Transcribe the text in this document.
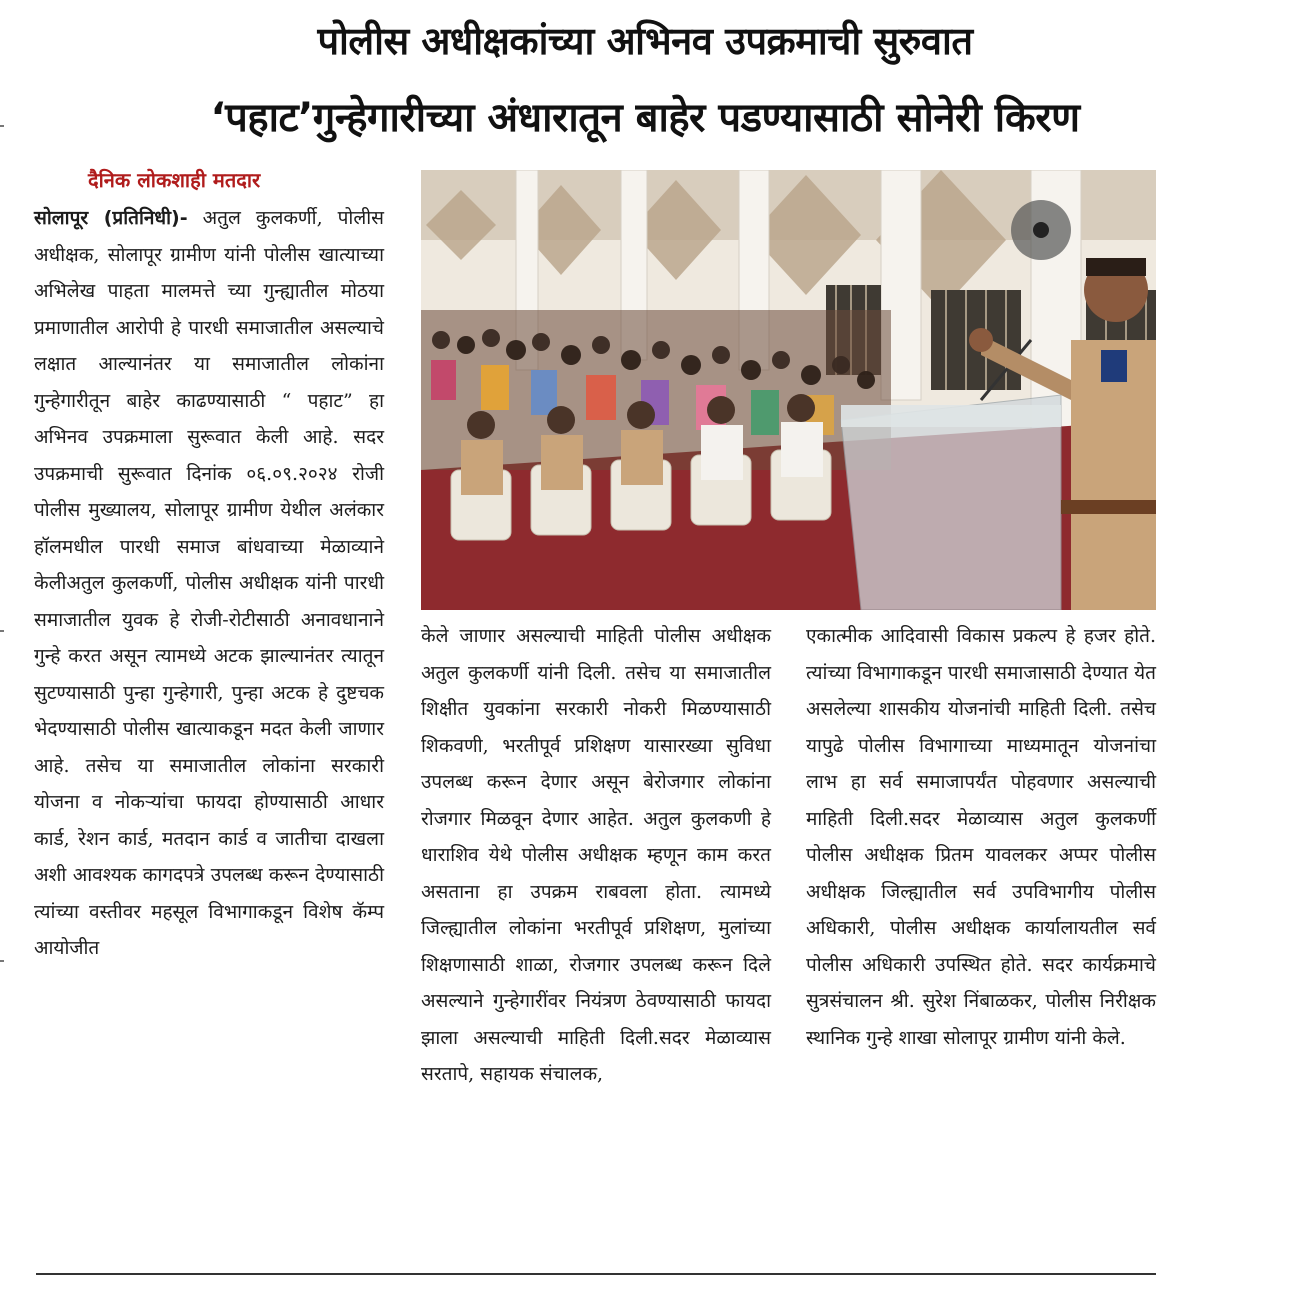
पोलीस अधीक्षकांच्या अभिनव उपक्रमाची सुरुवात
‘पहाट’गुन्हेगारीच्या अंधारातून बाहेर पडण्यासाठी सोनेरी किरण
दैनिक लोकशाही मतदार
सोलापूर (प्रतिनिधी)- अतुल कुलकर्णी, पोलीस अधीक्षक, सोलापूर ग्रामीण यांनी पोलीस खात्याच्या अभिलेख पाहता मालमत्ते च्या गुन्ह्यातील मोठया प्रमाणातील आरोपी हे पारधी समाजातील असल्याचे लक्षात आल्यानंतर या समाजातील लोकांना गुन्हेगारीतून बाहेर काढण्यासाठी “ पहाट” हा अभिनव उपक्रमाला सुरूवात केली आहे. सदर उपक्रमाची सुरूवात दिनांक ०६.०९.२०२४ रोजी पोलीस मुख्यालय, सोलापूर ग्रामीण येथील अलंकार हॉलमधील पारधी समाज बांधवाच्या मेळाव्याने केलीअतुल कुलकर्णी, पोलीस अधीक्षक यांनी पारधी समाजातील युवक हे रोजी-रोटीसाठी अनावधानाने गुन्हे करत असून त्यामध्ये अटक झाल्यानंतर त्यातून सुटण्यासाठी पुन्हा गुन्हेगारी, पुन्हा अटक हे दुष्टचक भेदण्यासाठी पोलीस खात्याकडून मदत केली जाणार आहे. तसेच या समाजातील लोकांना सरकारी योजना व नोकऱ्यांचा फायदा होण्यासाठी आधार कार्ड, रेशन कार्ड, मतदान कार्ड व जातीचा दाखला अशी आवश्यक कागदपत्रे उपलब्ध करून देण्यासाठी त्यांच्या वस्तीवर महसूल विभागाकडून विशेष कॅम्प आयोजीत
केले जाणार असल्याची माहिती पोलीस अधीक्षक अतुल कुलकर्णी यांनी दिली. तसेच या समाजातील शिक्षीत युवकांना सरकारी नोकरी मिळण्यासाठी शिकवणी, भरतीपूर्व प्रशिक्षण यासारख्या सुविधा उपलब्ध करून देणार असून बेरोजगार लोकांना रोजगार मिळवून देणार आहेत. अतुल कुलकणी हे धाराशिव येथे पोलीस अधीक्षक म्हणून काम करत असताना हा उपक्रम राबवला होता. त्यामध्ये जिल्ह्यातील लोकांना भरतीपूर्व प्रशिक्षण, मुलांच्या शिक्षणासाठी शाळा, रोजगार उपलब्ध करून दिले असल्याने गुन्हेगारींवर नियंत्रण ठेवण्यासाठी फायदा झाला असल्याची माहिती दिली.सदर मेळाव्यास सरतापे, सहायक संचालक,
एकात्मीक आदिवासी विकास प्रकल्प हे हजर होते. त्यांच्या विभागाकडून पारधी समाजासाठी देण्यात येत असलेल्या शासकीय योजनांची माहिती दिली. तसेच यापुढे पोलीस विभागाच्या माध्यमातून योजनांचा लाभ हा सर्व समाजापर्यंत पोहवणार असल्याची माहिती दिली.सदर मेळाव्यास अतुल कुलकर्णी पोलीस अधीक्षक प्रितम यावलकर अप्पर पोलीस अधीक्षक जिल्ह्यातील सर्व उपविभागीय पोलीस अधिकारी, पोलीस अधीक्षक कार्यालायतील सर्व पोलीस अधिकारी उपस्थित होते. सदर कार्यक्रमाचे सुत्रसंचालन श्री. सुरेश निंबाळकर, पोलीस निरीक्षक स्थानिक गुन्हे शाखा सोलापूर ग्रामीण यांनी केले.
